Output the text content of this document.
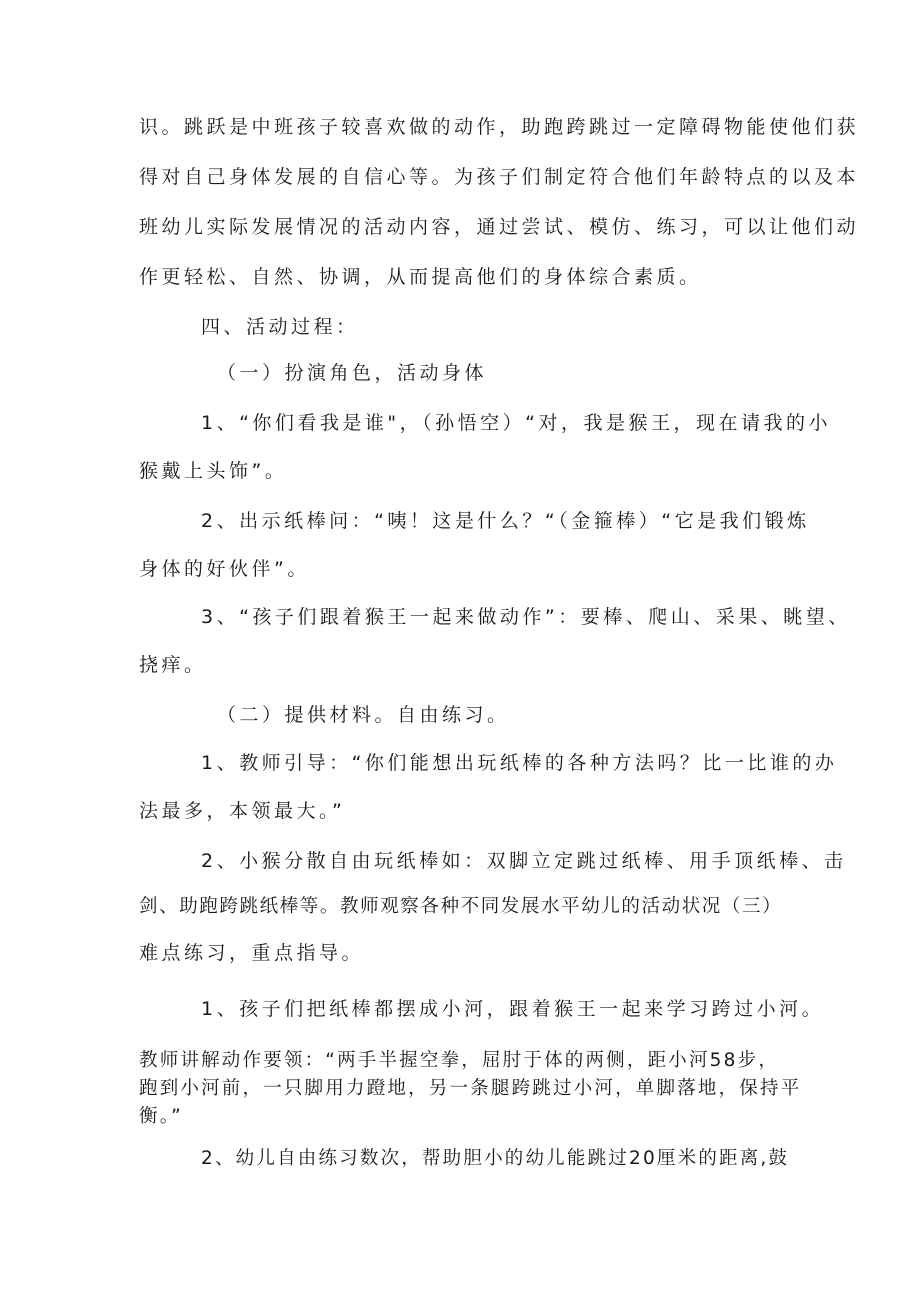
识。跳跃是中班孩子较喜欢做的动作，助跑跨跳过一定障碍物能使他们获

得对自己身体发展的自信心等。为孩子们制定符合他们年龄特点的以及本

班幼儿实际发展情况的活动内容，通过尝试、模仿、练习，可以让他们动

作更轻松、自然、协调，从而提高他们的身体综合素质。

四、活动过程：

（一）扮演角色，活动身体

1、“你们看我是谁"，（孙悟空）“对，我是猴王，现在请我的小

猴戴上头饰”。

2、出示纸棒问：“咦！这是什么？“（金箍棒）“它是我们锻炼

身体的好伙伴”。

3、“孩子们跟着猴王一起来做动作”：要棒、爬山、采果、眺望、

挠痒。

（二）提供材料。自由练习。

1、教师引导：“你们能想出玩纸棒的各种方法吗？比一比谁的办

法最多，本领最大。”

2、小猴分散自由玩纸棒如：双脚立定跳过纸棒、用手顶纸棒、击

剑、助跑跨跳纸棒等。教师观察各种不同发展水平幼儿的活动状况（三）

难点练习，重点指导。

1、孩子们把纸棒都摆成小河，跟着猴王一起来学习跨过小河。

教师讲解动作要领：“两手半握空拳，屈肘于体的两侧，距小河58步，

跑到小河前，一只脚用力蹬地，另一条腿跨跳过小河，单脚落地，保持平

衡。”

2、幼儿自由练习数次，帮助胆小的幼儿能跳过20厘米的距离,鼓
